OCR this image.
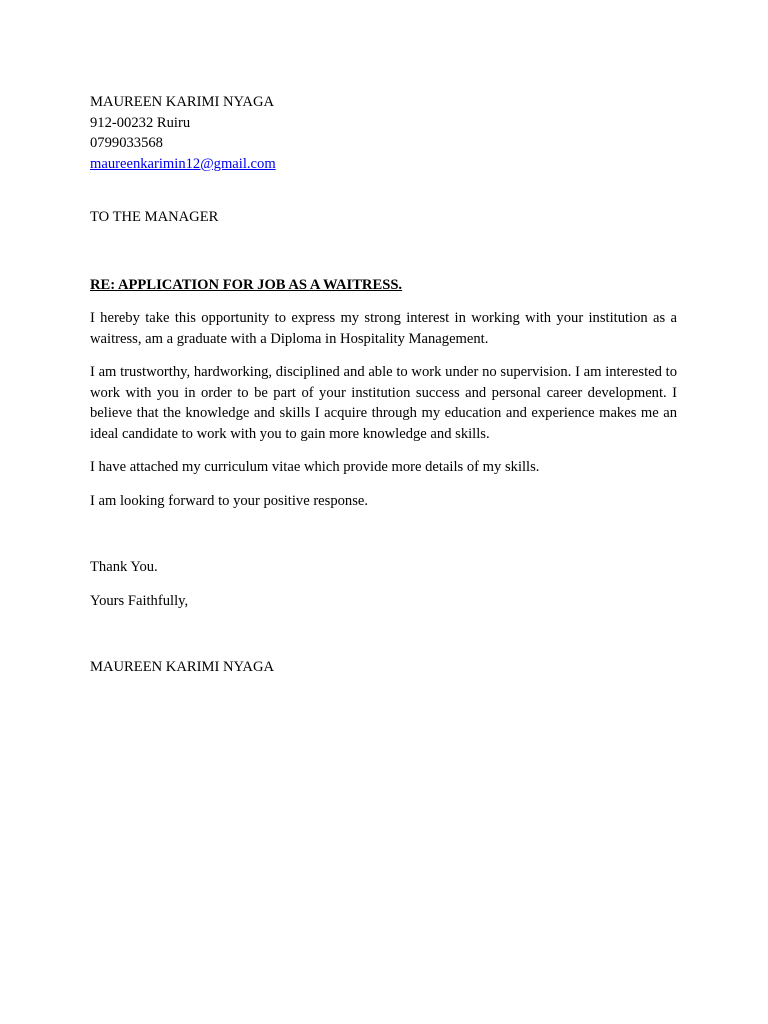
MAUREEN KARIMI NYAGA
912-00232 Ruiru
0799033568
maureenkarimin12@gmail.com

TO THE MANAGER

RE: APPLICATION FOR JOB AS A WAITRESS.

I hereby take this opportunity to express my strong interest in working with your institution as a waitress, am a graduate with a Diploma in Hospitality Management.

I am trustworthy, hardworking, disciplined and able to work under no supervision. I am interested to work with you in order to be part of your institution success and personal career development. I believe that the knowledge and skills I acquire through my education and experience makes me an ideal candidate to work with you to gain more knowledge and skills.

I have attached my curriculum vitae which provide more details of my skills.

I am looking forward to your positive response.

Thank You.

Yours Faithfully,

MAUREEN KARIMI NYAGA
